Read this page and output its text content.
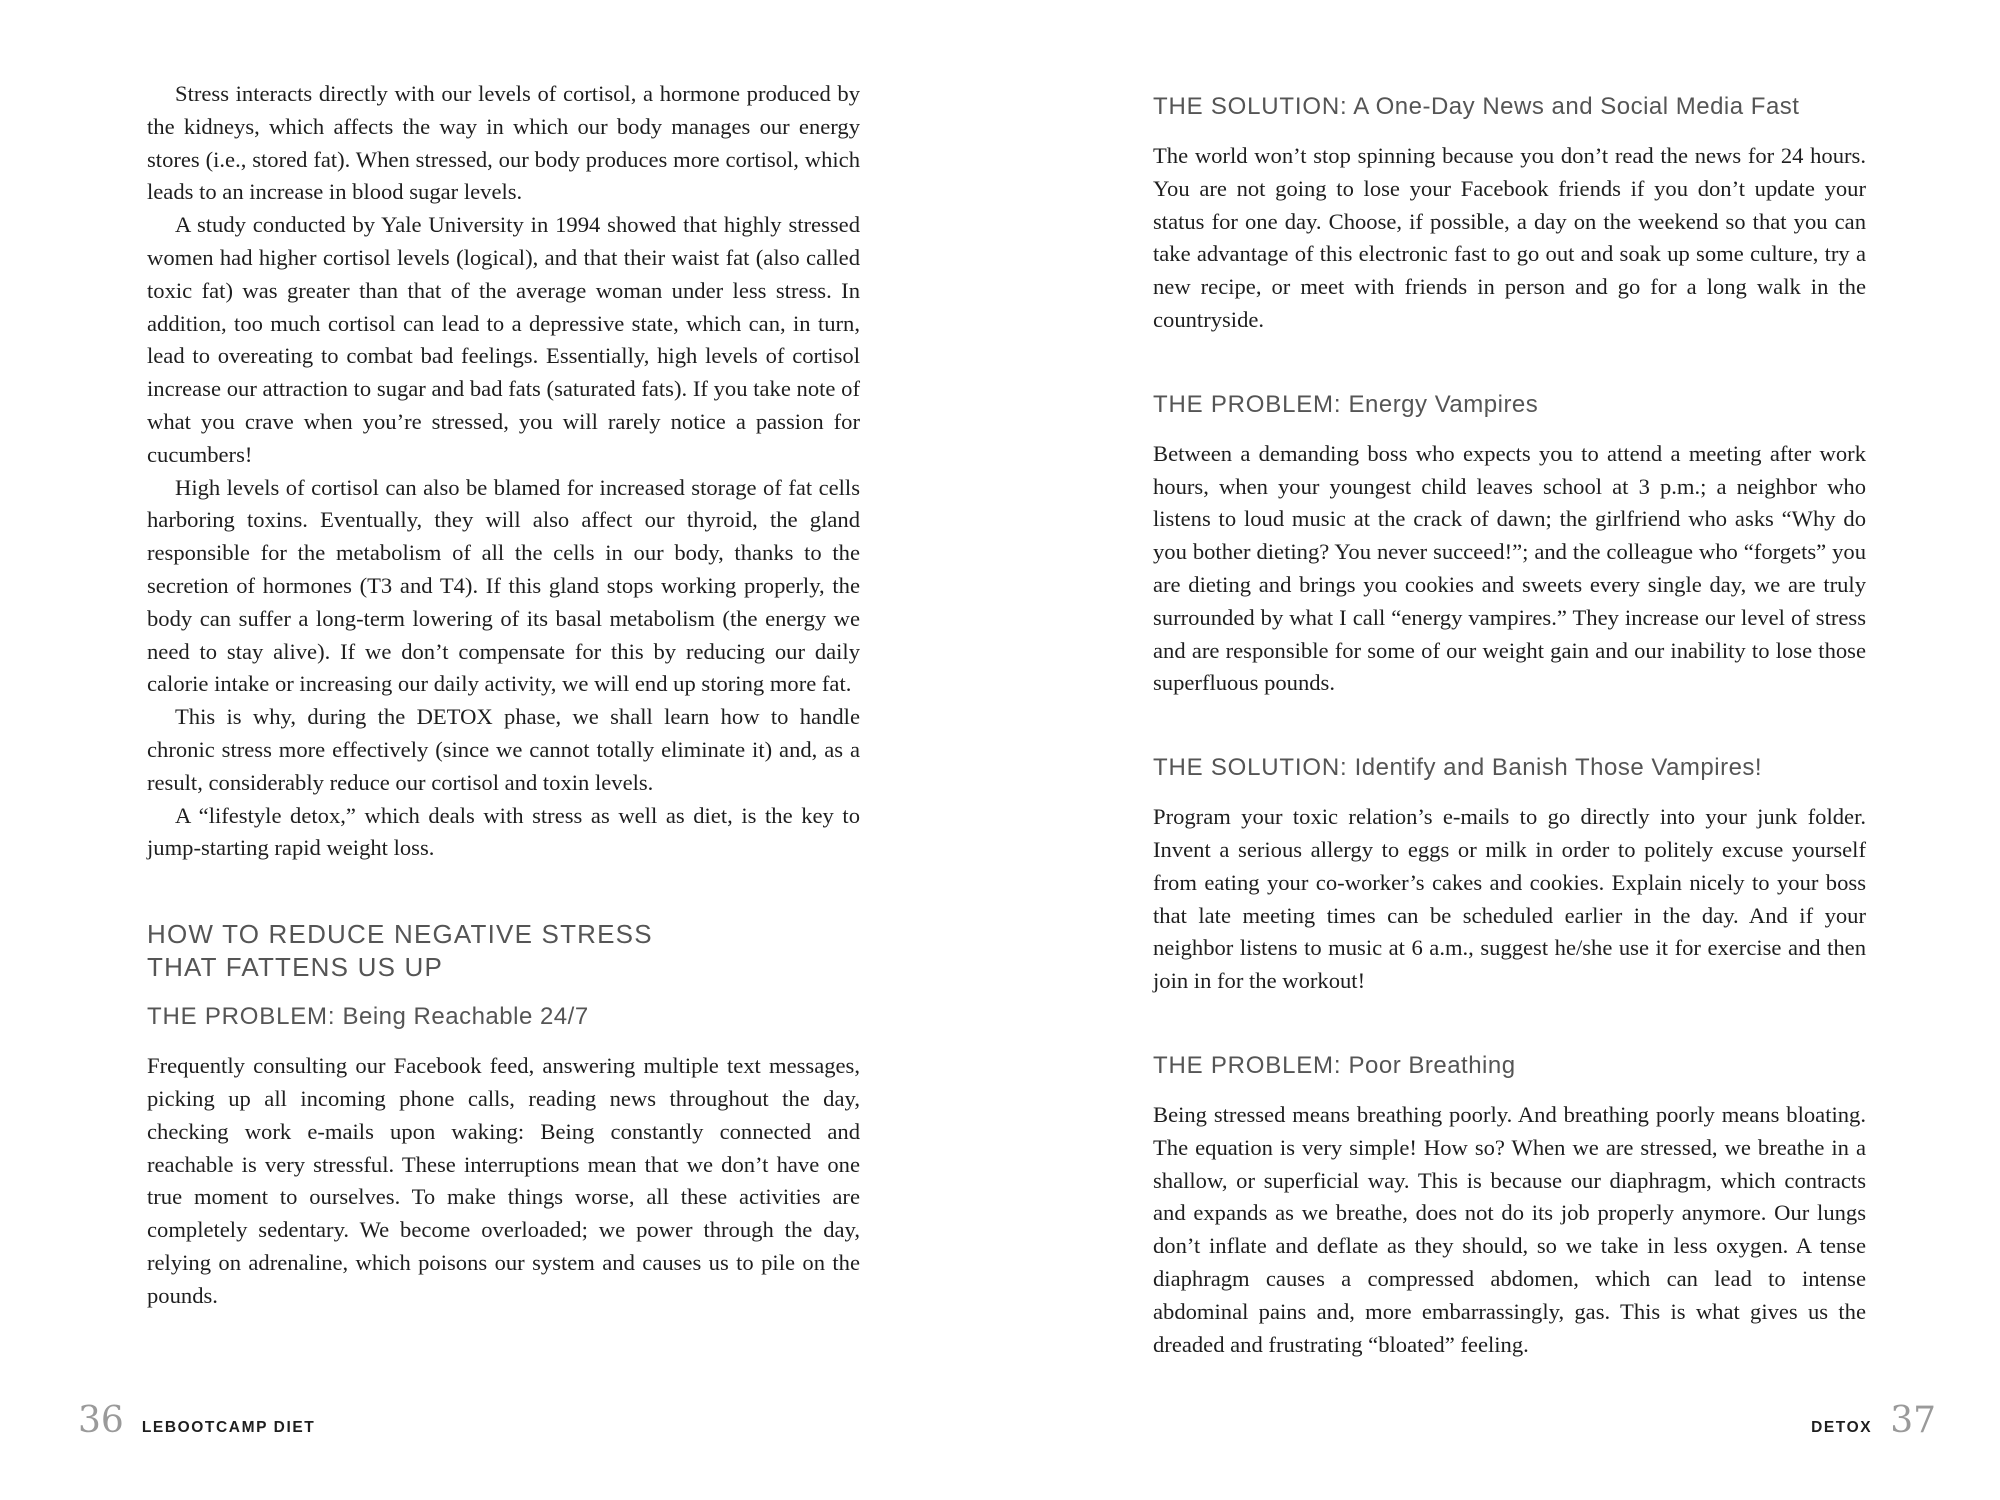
Stress interacts directly with our levels of cortisol, a hormone produced by the kidneys, which affects the way in which our body manages our energy stores (i.e., stored fat). When stressed, our body produces more cortisol, which leads to an increase in blood sugar levels.

A study conducted by Yale University in 1994 showed that highly stressed women had higher cortisol levels (logical), and that their waist fat (also called toxic fat) was greater than that of the average woman under less stress. In addition, too much cortisol can lead to a depressive state, which can, in turn, lead to overeating to combat bad feelings. Essentially, high levels of cortisol increase our attraction to sugar and bad fats (saturated fats). If you take note of what you crave when you’re stressed, you will rarely notice a passion for cucumbers!

High levels of cortisol can also be blamed for increased storage of fat cells harboring toxins. Eventually, they will also affect our thyroid, the gland responsible for the metabolism of all the cells in our body, thanks to the secretion of hormones (T3 and T4). If this gland stops working properly, the body can suffer a long-term lowering of its basal metabolism (the energy we need to stay alive). If we don’t compensate for this by reducing our daily calorie intake or increasing our daily activity, we will end up storing more fat.

This is why, during the DETOX phase, we shall learn how to handle chronic stress more effectively (since we cannot totally eliminate it) and, as a result, considerably reduce our cortisol and toxin levels.

A “lifestyle detox,” which deals with stress as well as diet, is the key to jump-starting rapid weight loss.

HOW TO REDUCE NEGATIVE STRESS
THAT FATTENS US UP
THE PROBLEM: Being Reachable 24/7

Frequently consulting our Facebook feed, answering multiple text messages, picking up all incoming phone calls, reading news throughout the day, checking work e-mails upon waking: Being constantly connected and reachable is very stressful. These interruptions mean that we don’t have one true moment to ourselves. To make things worse, all these activities are completely sedentary. We become overloaded; we power through the day, relying on adrenaline, which poisons our system and causes us to pile on the pounds.

36 LEBOOTCAMP DIET
THE SOLUTION: A One-Day News and Social Media Fast

The world won’t stop spinning because you don’t read the news for 24 hours. You are not going to lose your Facebook friends if you don’t update your status for one day. Choose, if possible, a day on the weekend so that you can take advantage of this electronic fast to go out and soak up some culture, try a new recipe, or meet with friends in person and go for a long walk in the countryside.

THE PROBLEM: Energy Vampires

Between a demanding boss who expects you to attend a meeting after work hours, when your youngest child leaves school at 3 p.m.; a neighbor who listens to loud music at the crack of dawn; the girlfriend who asks “Why do you bother dieting? You never succeed!”; and the colleague who “forgets” you are dieting and brings you cookies and sweets every single day, we are truly surrounded by what I call “energy vampires.” They increase our level of stress and are responsible for some of our weight gain and our inability to lose those superfluous pounds.

THE SOLUTION: Identify and Banish Those Vampires!

Program your toxic relation’s e-mails to go directly into your junk folder. Invent a serious allergy to eggs or milk in order to politely excuse yourself from eating your co-worker’s cakes and cookies. Explain nicely to your boss that late meeting times can be scheduled earlier in the day. And if your neighbor listens to music at 6 a.m., suggest he/she use it for exercise and then join in for the workout!

THE PROBLEM: Poor Breathing

Being stressed means breathing poorly. And breathing poorly means bloating. The equation is very simple! How so? When we are stressed, we breathe in a shallow, or superficial way. This is because our diaphragm, which contracts and expands as we breathe, does not do its job properly anymore. Our lungs don’t inflate and deflate as they should, so we take in less oxygen. A tense diaphragm causes a compressed abdomen, which can lead to intense abdominal pains and, more embarrassingly, gas. This is what gives us the dreaded and frustrating “bloated” feeling.

DETOX 37
